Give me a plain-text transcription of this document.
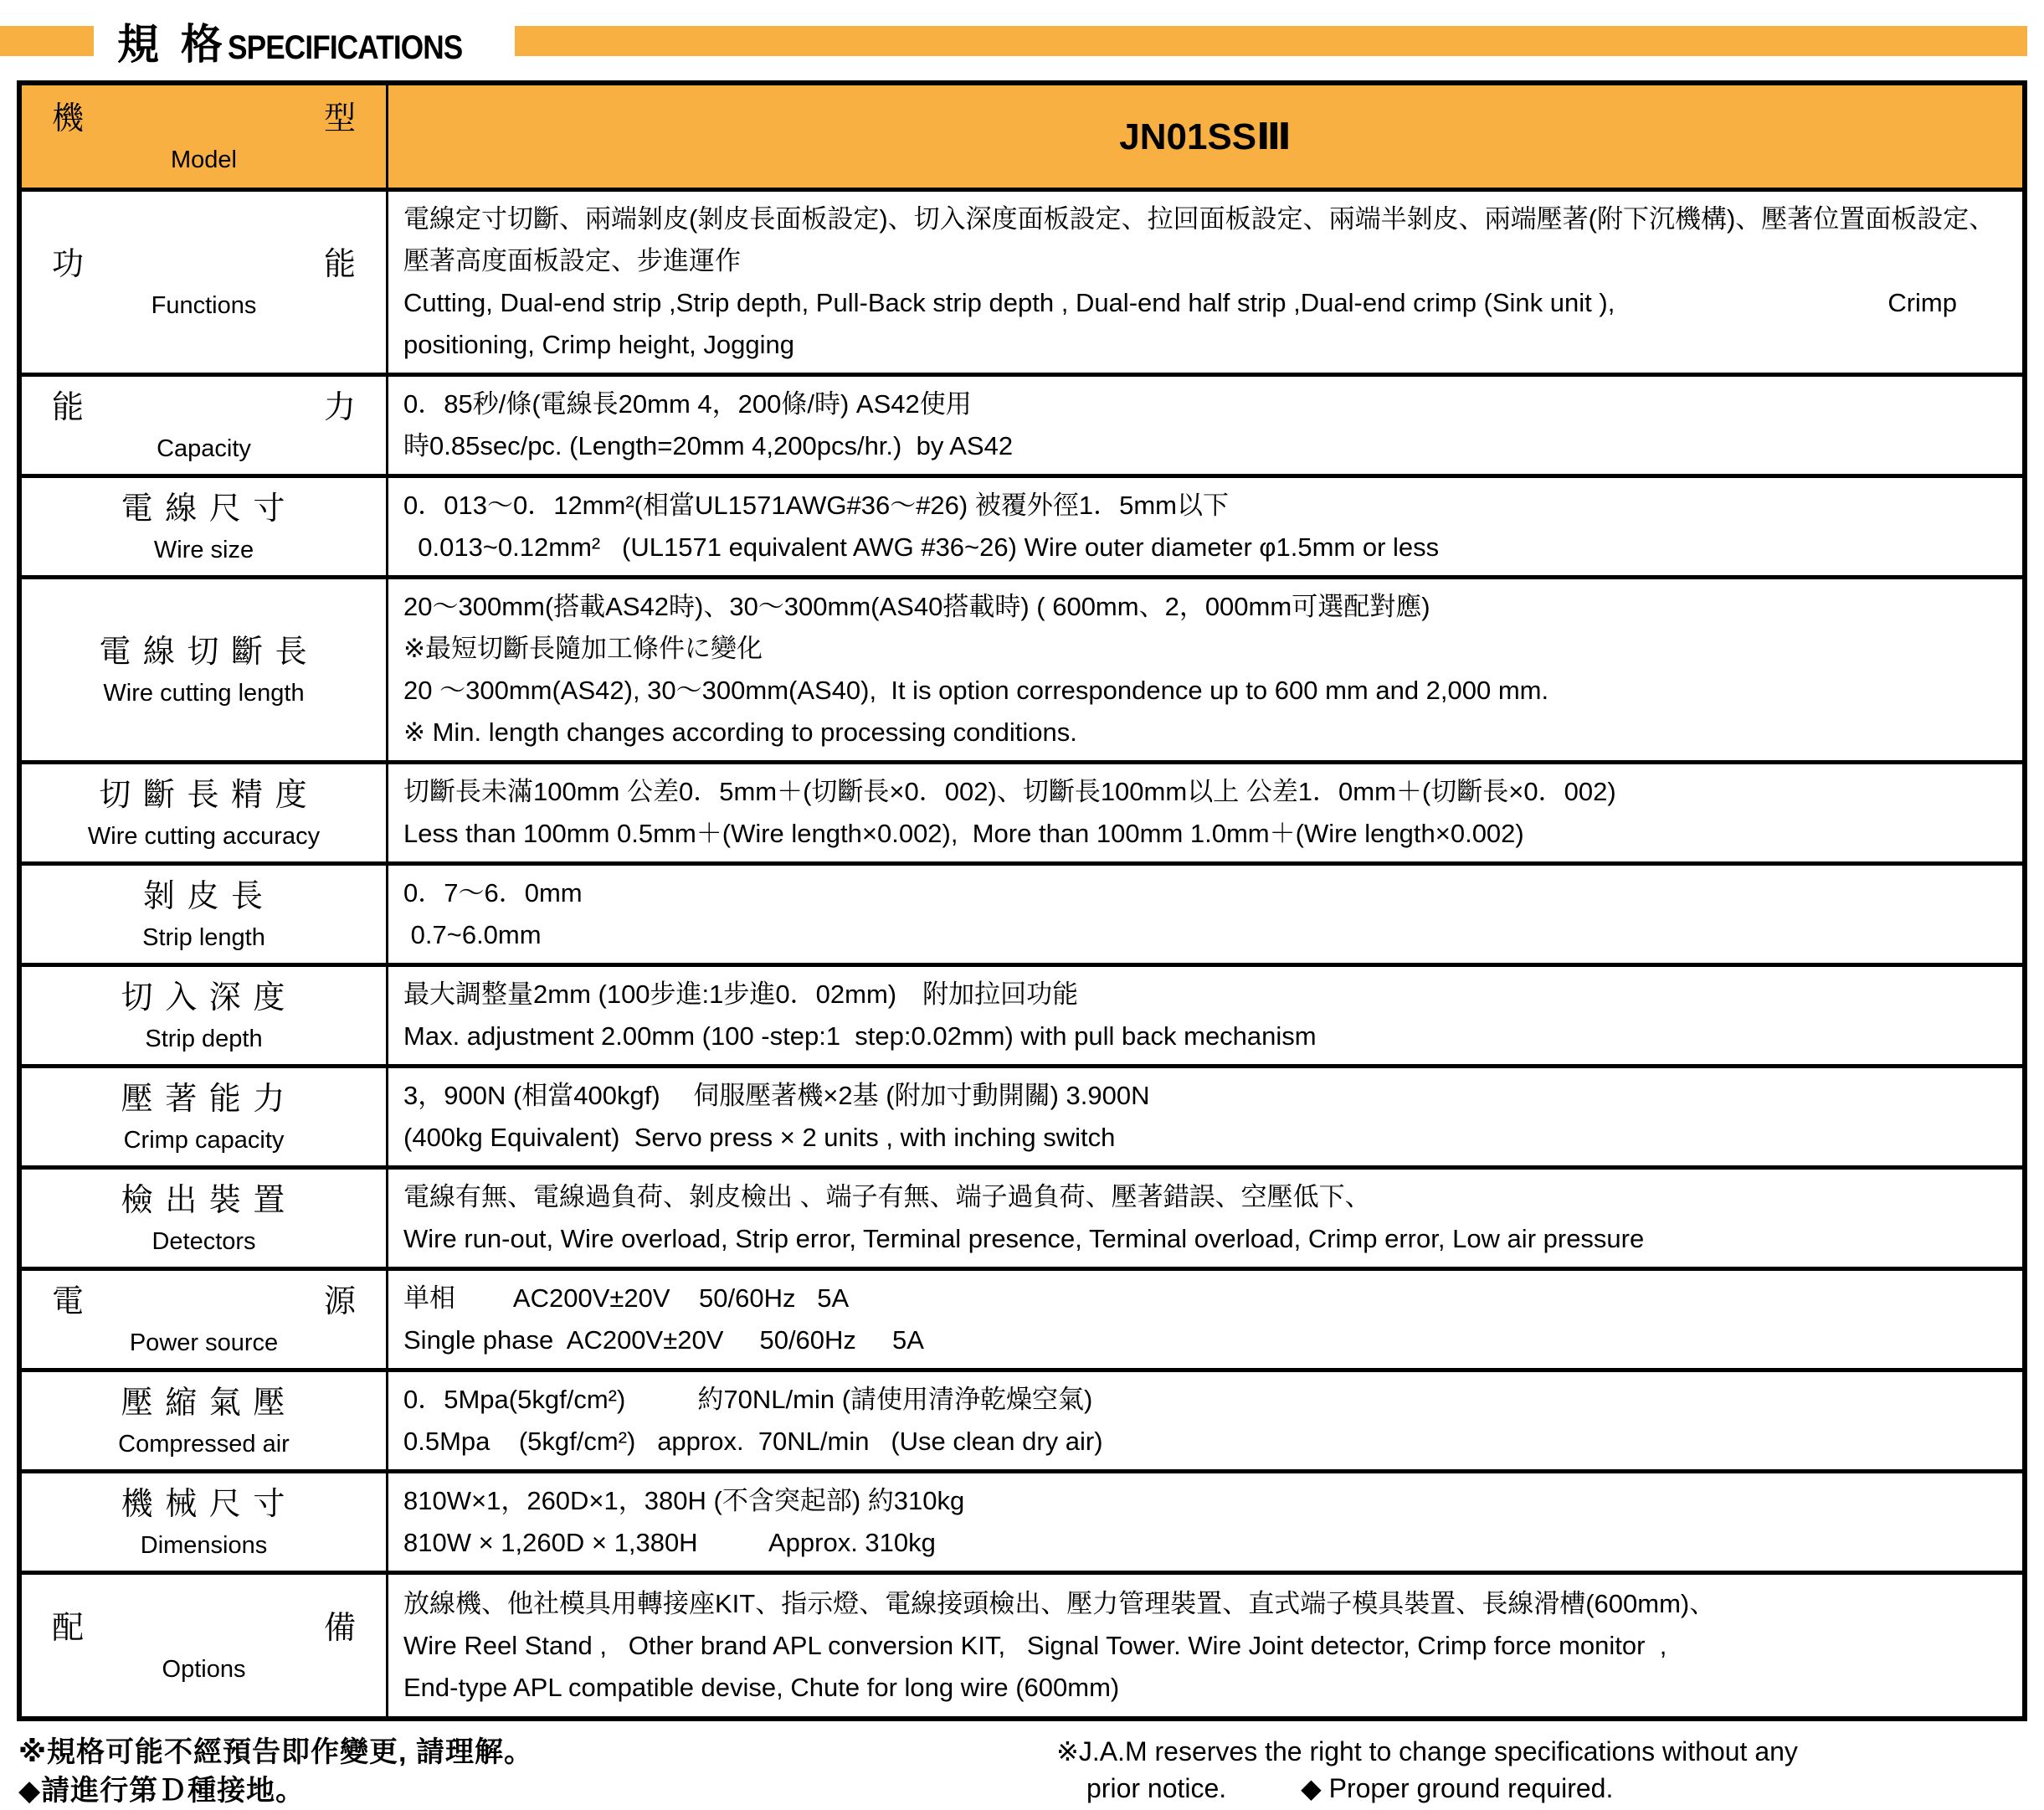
規 格 SPECIFICATIONS
機	型
Model
JN01SSⅢ
功	能
Functions
電線定寸切斷、兩端剝皮(剝皮長面板設定)、切入深度面板設定、拉回面板設定、兩端半剝皮、兩端壓著(附下沉機構)、壓著位置面板設定、壓著高度面板設定、步進運作
Cutting, Dual-end strip ,Strip depth, Pull-Back strip depth , Dual-end half strip ,Dual-end crimp (Sink unit ),	Crimp
positioning, Crimp height, Jogging
能	力
Capacity
0．85秒/條(電線長20mm 4，200條/時) AS42使用
時0.85sec/pc. (Length=20mm 4,200pcs/hr.)  by AS42
電 線 尺 寸
Wire size
0．013～0．12mm²(相當UL1571AWG#36～#26) 被覆外徑1．5mm以下
0.013~0.12mm²   (UL1571 equivalent AWG #36~26) Wire outer diameter φ1.5mm or less
電 線 切 斷 長
Wire cutting length
20～300mm(搭載AS42時)、30～300mm(AS40搭載時) ( 600mm、2，000mm可選配對應)
※最短切斷長隨加工條件に變化
20 ～300mm(AS42), 30～300mm(AS40),  It is option correspondence up to 600 mm and 2,000 mm.
※ Min. length changes according to processing conditions.
切 斷 長 精 度
Wire cutting accuracy
切斷長未滿100mm 公差0．5mm＋(切斷長×0．002)、切斷長100mm以上 公差1．0mm＋(切斷長×0．002)
Less than 100mm 0.5mm＋(Wire length×0.002),  More than 100mm 1.0mm＋(Wire length×0.002)
剝 皮 長
Strip length
0．7～6．0mm
0.7~6.0mm
切 入 深 度
Strip depth
最大調整量2mm (100步進:1步進0．02mm)　附加拉回功能
Max. adjustment 2.00mm (100 -step:1  step:0.02mm) with pull back mechanism
壓 著 能 力
Crimp capacity
3，900N (相當400kgf)　 伺服壓著機×2基 (附加寸動開關) 3.900N
(400kg Equivalent)  Servo press × 2 units , with inching switch
檢 出 裝 置
Detectors
電線有無、電線過負荷、剝皮檢出 、端子有無、端子過負荷、壓著錯誤、空壓低下、
Wire run-out, Wire overload, Strip error, Terminal presence, Terminal overload, Crimp error, Low air pressure
電	源
Power source
単相        AC200V±20V    50/60Hz   5A
Single phase  AC200V±20V     50/60Hz     5A
壓 縮 氣 壓
Compressed air
0．5Mpa(5kgf/cm²)          約70NL/min (請使用清浄乾燥空氣)
0.5Mpa    (5kgf/cm²)   approx.  70NL/min   (Use clean dry air)
機 械 尺 寸
Dimensions
810W×1，260D×1，380H (不含突起部) 約310kg
810W × 1,260D × 1,380H          Approx. 310kg
配	備
Options
放線機、他社模具用轉接座KIT、指示燈、電線接頭檢出、壓力管理裝置、直式端子模具裝置、長線滑槽(600mm)、
Wire Reel Stand ,   Other brand APL conversion KIT,   Signal Tower. Wire Joint detector, Crimp force monitor  ,
End-type APL compatible devise, Chute for long wire (600mm)
※規格可能不經預告即作變更, 請理解。
◆請進行第Ｄ種接地。
※J.A.M reserves the right to change specifications without any
prior notice.          ◆ Proper ground required.
